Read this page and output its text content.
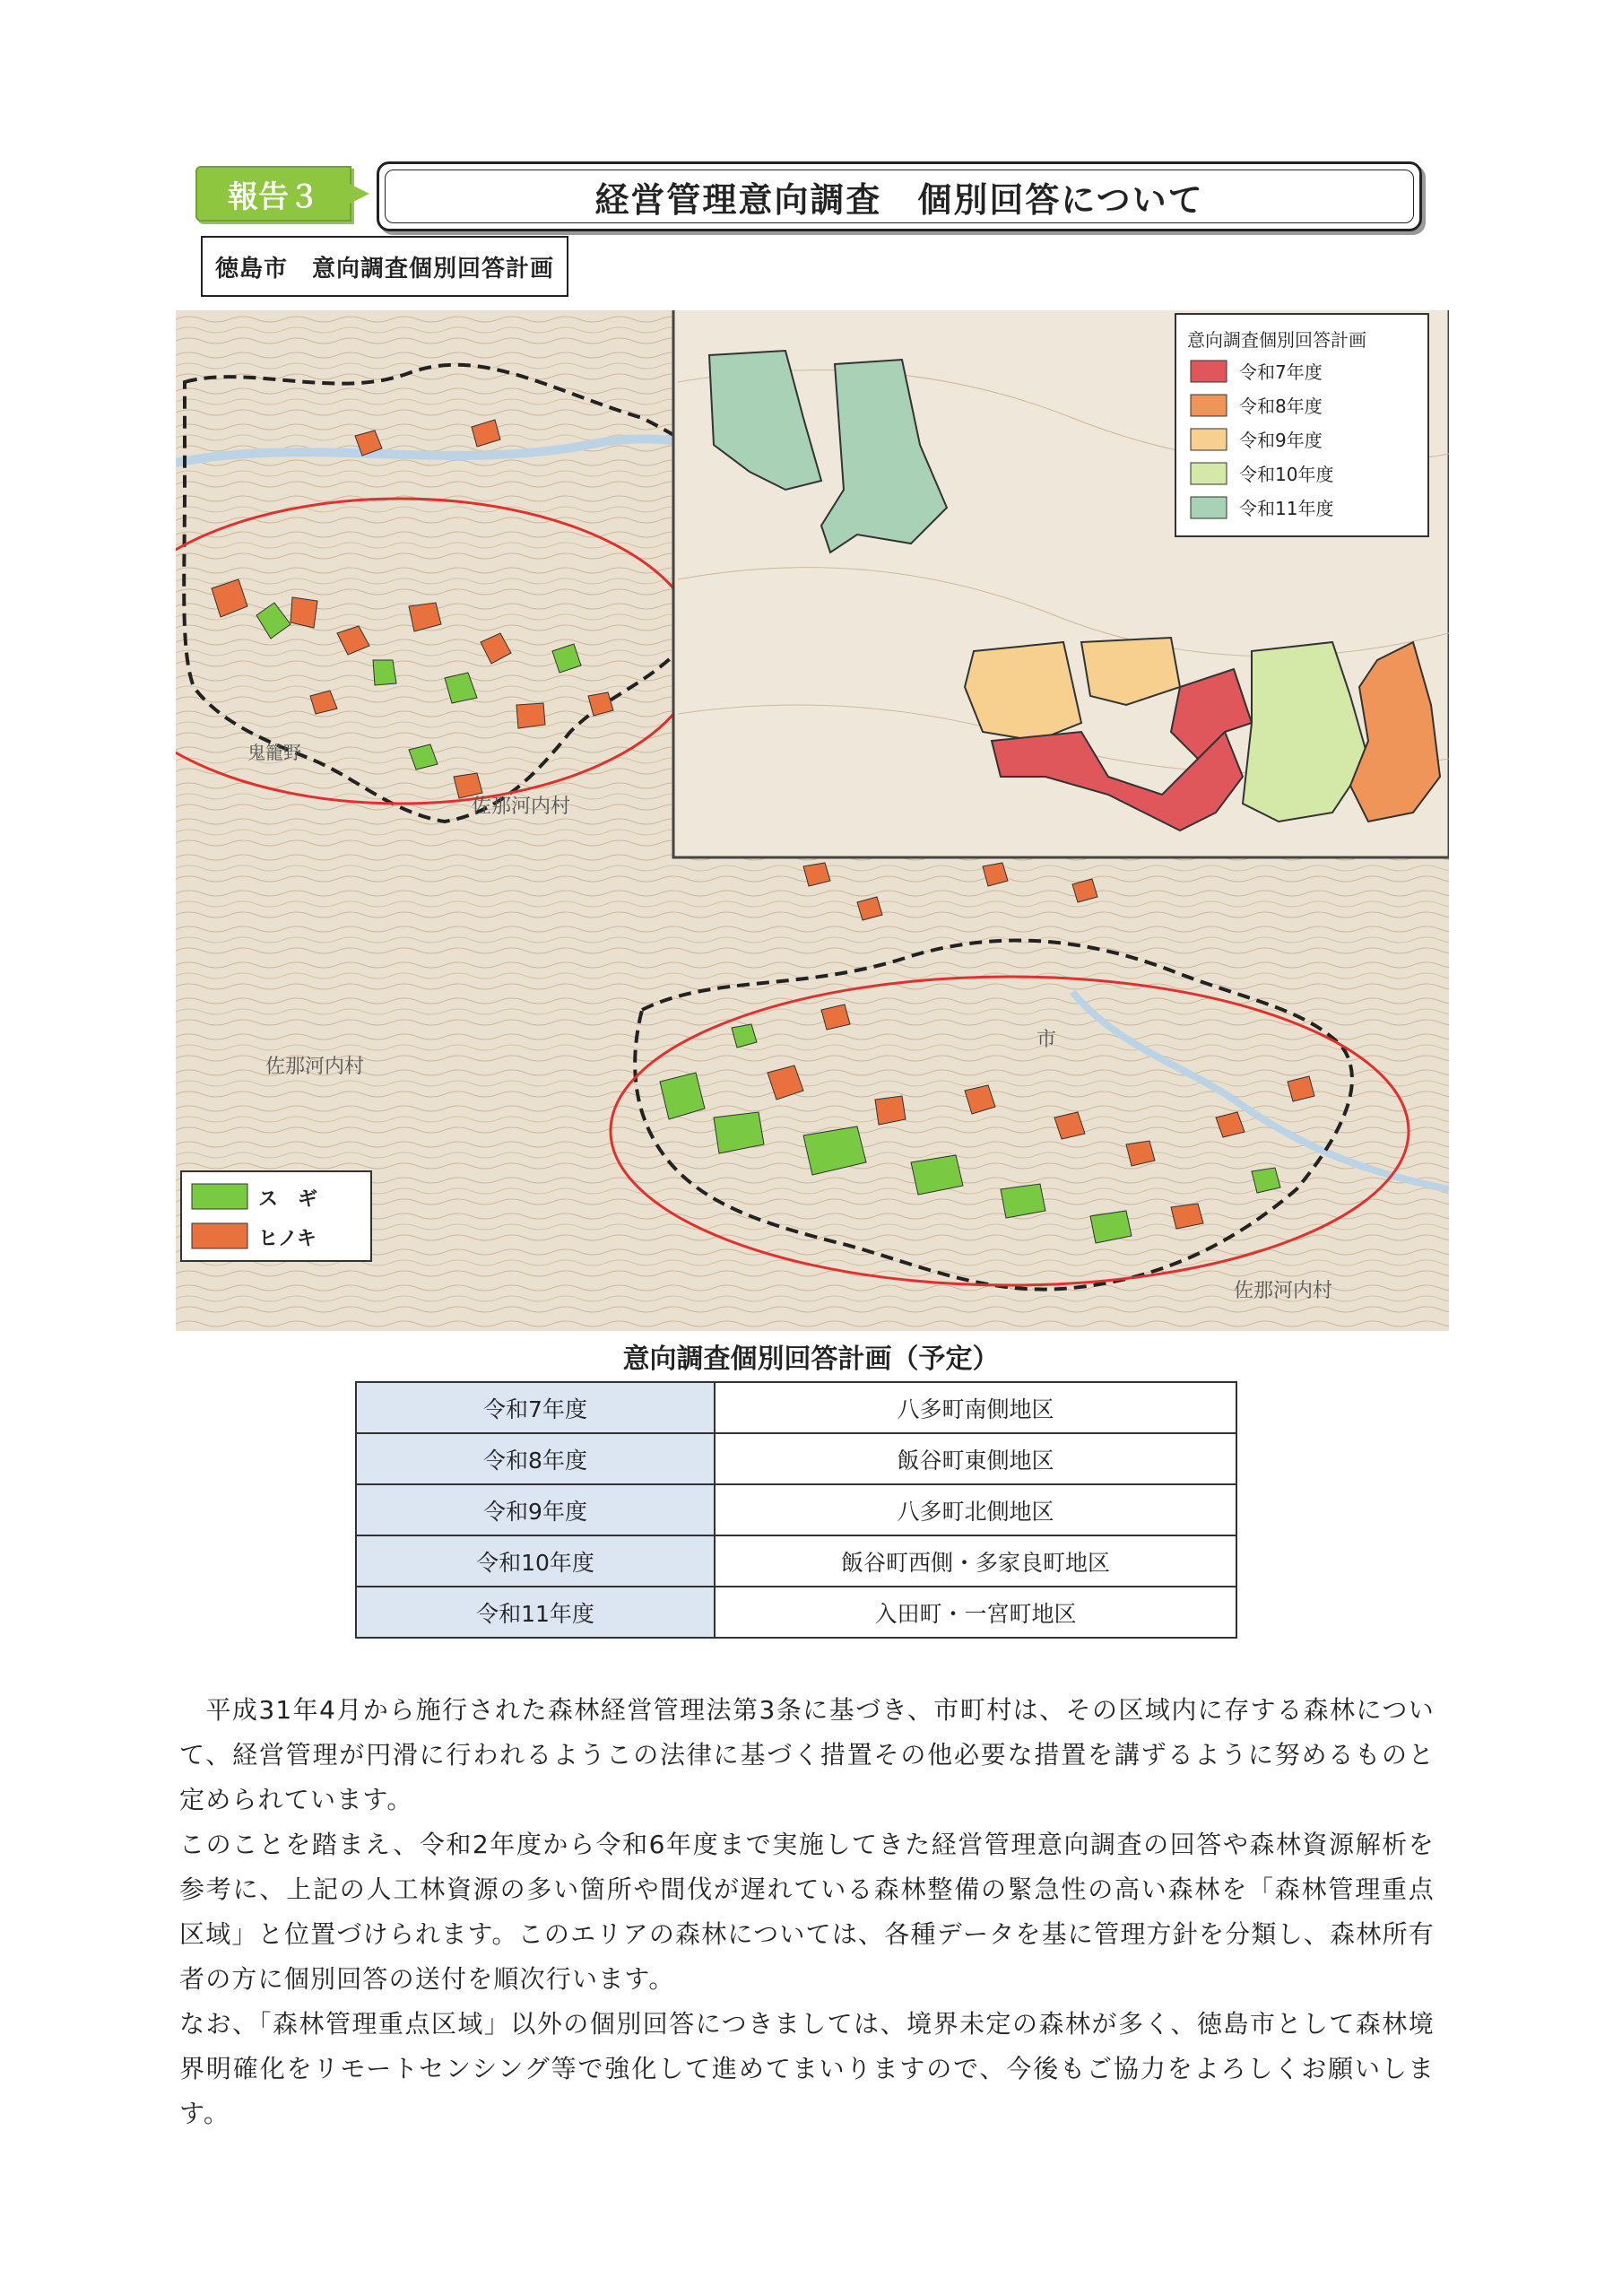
報告３	経営管理意向調査　個別回答について
徳島市　意向調査個別回答計画
佐那河内村
佐那河内村
佐那河内村
鬼籠野
市
意向調査個別回答計画
令和7年度
令和8年度
令和9年度
令和10年度
令和11年度
ス　ギ
ヒノキ
意向調査個別回答計画（予定）
令和7年度	八多町南側地区
令和8年度	飯谷町東側地区
令和9年度	八多町北側地区
令和10年度	飯谷町西側・多家良町地区
令和11年度	入田町・一宮町地区

　平成31年4月から施行された森林経営管理法第3条に基づき、市町村は、その区域内に存する森林について、経営管理が円滑に行われるようこの法律に基づく措置その他必要な措置を講ずるように努めるものと定められています。

このことを踏まえ、令和2年度から令和6年度まで実施してきた経営管理意向調査の回答や森林資源解析を参考に、上記の人工林資源の多い箇所や間伐が遅れている森林整備の緊急性の高い森林を「森林管理重点区域」と位置づけられます。このエリアの森林については、各種データを基に管理方針を分類し、森林所有者の方に個別回答の送付を順次行います。

なお、「森林管理重点区域」以外の個別回答につきましては、境界未定の森林が多く、徳島市として森林境界明確化をリモートセンシング等で強化して進めてまいりますので、今後もご協力をよろしくお願いします。
